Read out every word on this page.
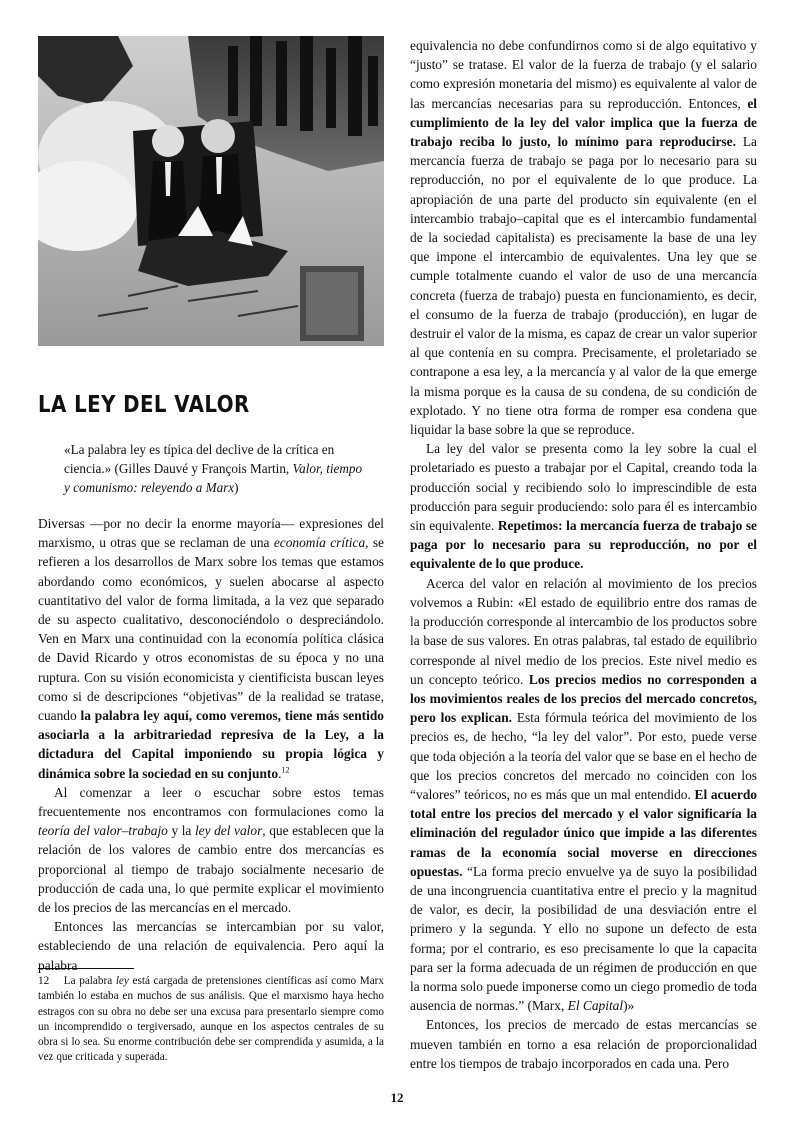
LA LEY DEL VALOR

«La palabra ley es típica del declive de la crítica en ciencia.» (Gilles Dauvé y François Martin, Valor, tiempo y comunismo: releyendo a Marx)

Diversas —por no decir la enorme mayoría— expresiones del marxismo, u otras que se reclaman de una economía crítica, se refieren a los desarrollos de Marx sobre los temas que estamos abordando como económicos, y suelen abocarse al aspecto cuantitativo del valor de forma limitada, a la vez que separado de su aspecto cualitativo, desconociéndolo o despreciándolo. Ven en Marx una continuidad con la economía política clásica de David Ricardo y otros economistas de su época y no una ruptura. Con su visión economicista y cientificista buscan leyes como si de descripciones “objetivas” de la realidad se tratase, cuando la palabra ley aquí, como veremos, tiene más sentido asociarla a la arbitrariedad represiva de la Ley, a la dictadura del Capital imponiendo su propia lógica y dinámica sobre la sociedad en su conjunto.$^{12}$

Al comenzar a leer o escuchar sobre estos temas frecuentemente nos encontramos con formulaciones como la teoría del valor–trabajo y la ley del valor, que establecen que la relación de los valores de cambio entre dos mercancías es proporcional al tiempo de trabajo socialmente necesario de producción de cada una, lo que permite explicar el movimiento de los precios de las mercancías en el mercado.

Entonces las mercancías se intercambian por su valor, estableciendo de una relación de equivalencia. Pero aquí la palabra

12    La palabra ley está cargada de pretensiones científicas así como Marx también lo estaba en muchos de sus análisis. Que el marxismo haya hecho estragos con su obra no debe ser una excusa para presentarlo siempre como un incomprendido o tergiversado, aunque en los aspectos centrales de su obra si lo sea. Su enorme contribución debe ser comprendida y asumida, a la vez que criticada y superada.

equivalencia no debe confundirnos como si de algo equitativo y “justo” se tratase. El valor de la fuerza de trabajo (y el salario como expresión monetaria del mismo) es equivalente al valor de las mercancías necesarias para su reproducción. Entonces, el cumplimiento de la ley del valor implica que la fuerza de trabajo reciba lo justo, lo mínimo para reproducirse. La mercancía fuerza de trabajo se paga por lo necesario para su reproducción, no por el equivalente de lo que produce. La apropiación de una parte del producto sin equivalente (en el intercambio trabajo–capital que es el intercambio fundamental de la sociedad capitalista) es precisamente la base de una ley que impone el intercambio de equivalentes. Una ley que se cumple totalmente cuando el valor de uso de una mercancía concreta (fuerza de trabajo) puesta en funcionamiento, es decir, el consumo de la fuerza de trabajo (producción), en lugar de destruir el valor de la misma, es capaz de crear un valor superior al que contenía en su compra. Precisamente, el proletariado se contrapone a esa ley, a la mercancía y al valor de la que emerge la misma porque es la causa de su condena, de su condición de explotado. Y no tiene otra forma de romper esa condena que liquidar la base sobre la que se reproduce.

La ley del valor se presenta como la ley sobre la cual el proletariado es puesto a trabajar por el Capital, creando toda la producción social y recibiendo solo lo imprescindible de esta producción para seguir produciendo: solo para él es intercambio sin equivalente. Repetimos: la mercancía fuerza de trabajo se paga por lo necesario para su reproducción, no por el equivalente de lo que produce.

Acerca del valor en relación al movimiento de los precios volvemos a Rubin: «El estado de equilibrio entre dos ramas de la producción corresponde al intercambio de los productos sobre la base de sus valores. En otras palabras, tal estado de equilibrio corresponde al nivel medio de los precios. Este nivel medio es un concepto teórico. Los precios medios no corresponden a los movimientos reales de los precios del mercado concretos, pero los explican. Esta fórmula teórica del movimiento de los precios es, de hecho, “la ley del valor”. Por esto, puede verse que toda objeción a la teoría del valor que se base en el hecho de que los precios concretos del mercado no coinciden con los “valores” teóricos, no es más que un mal entendido. El acuerdo total entre los precios del mercado y el valor significaría la eliminación del regulador único que impide a las diferentes ramas de la economía social moverse en direcciones opuestas. “La forma precio envuelve ya de suyo la posibilidad de una incongruencia cuantitativa entre el precio y la magnitud de valor, es decir, la posibilidad de una desviación entre el primero y la segunda. Y ello no supone un defecto de esta forma; por el contrario, es eso precisamente lo que la capacita para ser la forma adecuada de un régimen de producción en que la norma solo puede imponerse como un ciego promedio de toda ausencia de normas.” (Marx, El Capital)»

Entonces, los precios de mercado de estas mercancías se mueven también en torno a esa relación de proporcionalidad entre los tiempos de trabajo incorporados en cada una. Pero

12
